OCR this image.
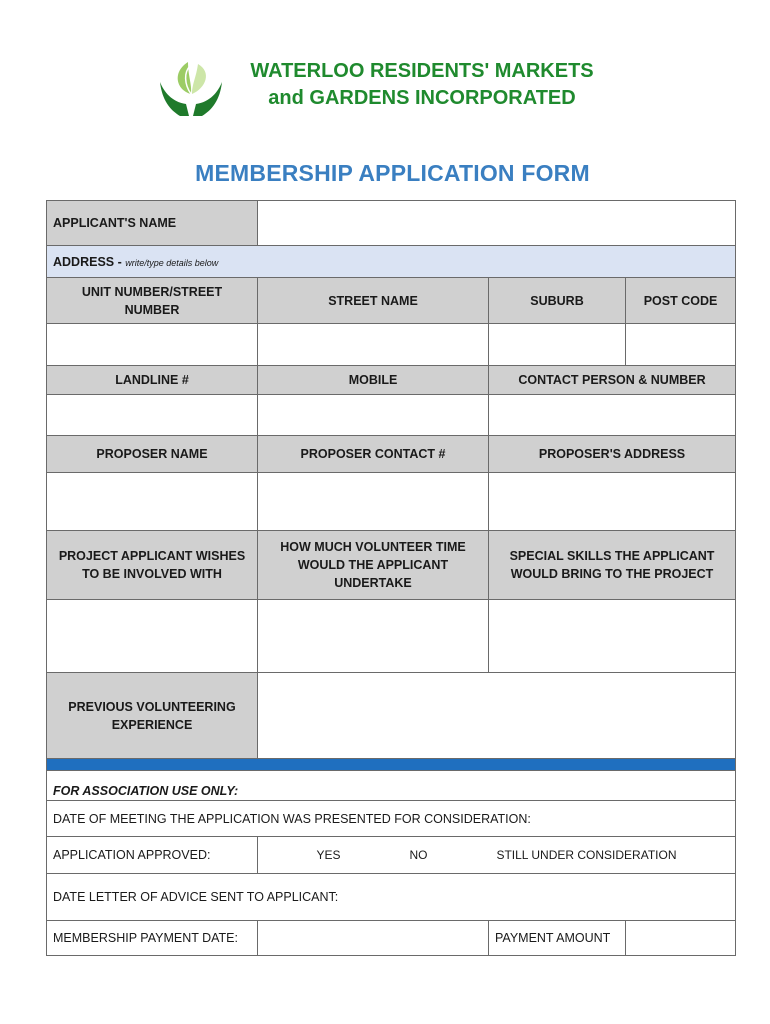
WATERLOO RESIDENTS' MARKETS
and GARDENS INCORPORATED
MEMBERSHIP APPLICATION FORM
APPLICANT'S NAME			
ADDRESS - write/type details below			
UNIT NUMBER/STREET NUMBER	STREET NAME	SUBURB	POST CODE

LANDLINE #	MOBILE	CONTACT PERSON & NUMBER	

PROPOSER NAME	PROPOSER CONTACT #	PROPOSER'S ADDRESS	

PROJECT APPLICANT WISHES TO BE INVOLVED WITH	HOW MUCH VOLUNTEER TIME WOULD THE APPLICANT UNDERTAKE	SPECIAL SKILLS THE APPLICANT WOULD BRING TO THE PROJECT	

PREVIOUS VOLUNTEERING EXPERIENCE			

FOR ASSOCIATION USE ONLY:			
DATE OF MEETING THE APPLICATION WAS PRESENTED FOR CONSIDERATION:			
APPLICATION APPROVED:	YES NO STILL UNDER CONSIDERATION		

DATE LETTER OF ADVICE SENT TO APPLICANT:			
MEMBERSHIP PAYMENT DATE:		PAYMENT AMOUNT	
